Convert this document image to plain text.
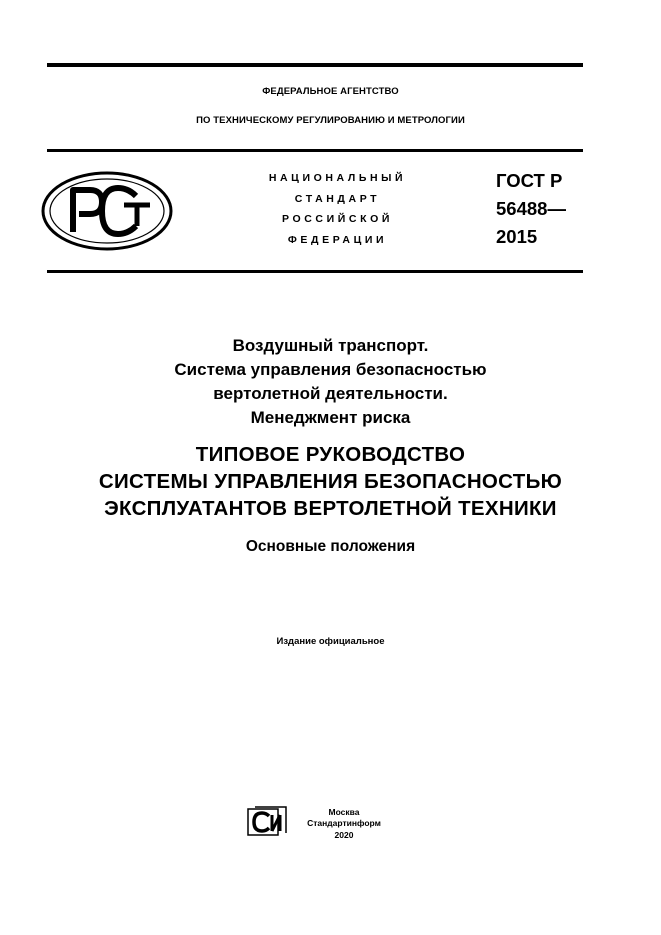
ФЕДЕРАЛЬНОЕ АГЕНТСТВО
ПО ТЕХНИЧЕСКОМУ РЕГУЛИРОВАНИЮ И МЕТРОЛОГИИ
НАЦИОНАЛЬНЫЙ
СТАНДАРТ
РОССИЙСКОЙ
ФЕДЕРАЦИИ
ГОСТ Р
56488—
2015
Воздушный транспорт.
Система управления безопасностью
вертолетной деятельности.
Менеджмент риска
ТИПОВОЕ РУКОВОДСТВО
СИСТЕМЫ УПРАВЛЕНИЯ БЕЗОПАСНОСТЬЮ
ЭКСПЛУАТАНТОВ ВЕРТОЛЕТНОЙ ТЕХНИКИ
Основные положения
Издание официальное
Москва
Стандартинформ
2020
